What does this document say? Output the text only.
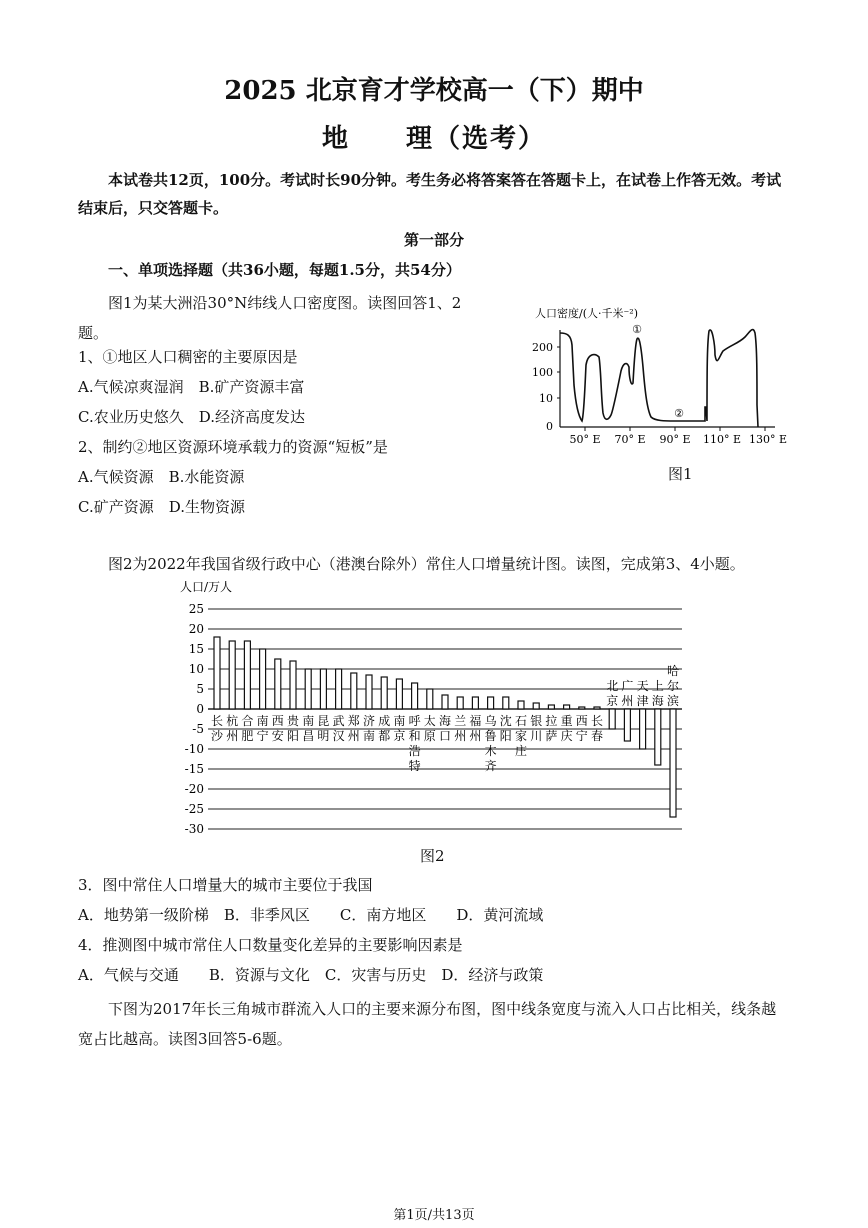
2025 北京育才学校高一（下）期中
地　　理（选考）
本试卷共12页，100分。考试时长90分钟。考生务必将答案答在答题卡上，在试卷上作答无效。考试结束后，只交答题卡。
第一部分
一、单项选择题（共36小题，每题1.5分，共54分）
图1为某大洲沿30°N纬线人口密度图。读图回答1、2题。
1、①地区人口稠密的主要原因是
A.气候凉爽湿润　B.矿产资源丰富
C.农业历史悠久　D.经济高度发达
2、制约②地区资源环境承载力的资源“短板”是
A.气候资源　B.水能资源
C.矿产资源　D.生物资源
人口密度/(人·千米⁻²)
200
100
10
0
50° E 70° E 90° E 110° E 130° E
①
②
图1
图2为2022年我国省级行政中心（港澳台除外）常住人口增量统计图。读图，完成第3、4小题。
人口/万人
25
20
15
10
5
0
-5
-10
-15
-20
-25
-30
长
沙
杭
州
合
肥
南
宁
西
安
贵
阳
南
昌
昆
明
武
汉
郑
州
济
南
成
都
南
京
呼
和
浩
特
太
原
海
口
兰
州
福
州
乌
鲁
木
齐
沈
阳
石
家
庄
银
川
拉
萨
重
庆
西
宁
长
春
北
京
广
州
天
津
上
海
哈
尔
滨
图2
3．图中常住人口增量大的城市主要位于我国
A．地势第一级阶梯　B．非季风区　　C．南方地区　　D．黄河流域
4．推测图中城市常住人口数量变化差异的主要影响因素是
A．气候与交通　　B．资源与文化　C．灾害与历史　D．经济与政策
下图为2017年长三角城市群流入人口的主要来源分布图，图中线条宽度与流入人口占比相关，线条越宽占比越高。读图3回答5-6题。
第1页/共13页
